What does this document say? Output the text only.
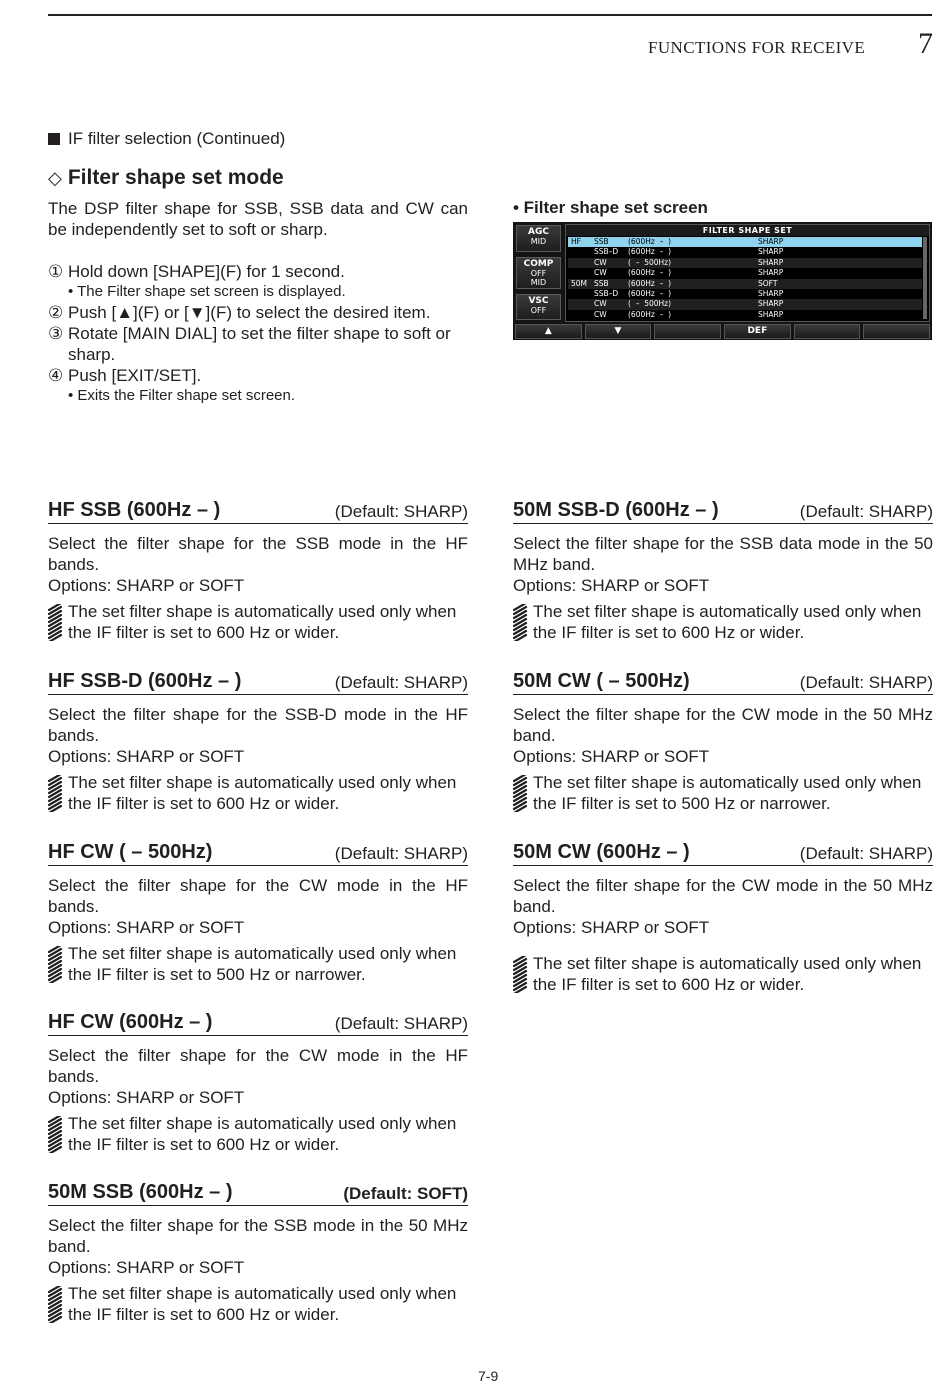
FUNCTIONS FOR RECEIVE 7
IF filter selection (Continued)
◇ Filter shape set mode
The DSP filter shape for SSB, SSB data and CW can be independently set to soft or sharp.
① Hold down [SHAPE](F) for 1 second.
• The Filter shape set screen is displayed.
② Push [▲](F) or [▼](F) to select the desired item.
③ Rotate [MAIN DIAL] to set the filter shape to soft or sharp.
④ Push [EXIT/SET].
• Exits the Filter shape set screen.
• Filter shape set screen
AGC
MID
COMP
OFF
MID
VSC
OFF
FILTER SHAPE SET
HF SSB	(600Hz  –  )	SHARP
SSB–D (600Hz  –  )	SHARP
CW	(  –  500Hz)	SHARP
CW	(600Hz  –  )	SHARP
50M SSB	(600Hz  –  )	SOFT
SSB–D (600Hz  –  )	SHARP
CW	(  –  500Hz)	SHARP
CW	(600Hz  –  )	SHARP
▲	▼	DEF
HF SSB (600Hz – )	(Default: SHARP)
Select the filter shape for the SSB mode in the HF bands.
Options: SHARP or SOFT
The set filter shape is automatically used only when the IF filter is set to 600 Hz or wider.
HF SSB-D (600Hz – )	(Default: SHARP)
Select the filter shape for the SSB-D mode in the HF bands.
Options: SHARP or SOFT
The set filter shape is automatically used only when the IF filter is set to 600 Hz or wider.
HF CW ( – 500Hz)	(Default: SHARP)
Select the filter shape for the CW mode in the HF bands.
Options: SHARP or SOFT
The set filter shape is automatically used only when the IF filter is set to 500 Hz or narrower.
HF CW (600Hz – )	(Default: SHARP)
Select the filter shape for the CW mode in the HF bands.
Options: SHARP or SOFT
The set filter shape is automatically used only when the IF filter is set to 600 Hz or wider.
50M SSB (600Hz – )	(Default: SOFT)
Select the filter shape for the SSB mode in the 50 MHz band.
Options: SHARP or SOFT
The set filter shape is automatically used only when the IF filter is set to 600 Hz or wider.
50M SSB-D (600Hz – )	(Default: SHARP)
Select the filter shape for the SSB data mode in the 50 MHz band.
Options: SHARP or SOFT
The set filter shape is automatically used only when the IF filter is set to 600 Hz or wider.
50M CW ( – 500Hz)	(Default: SHARP)
Select the filter shape for the CW mode in the 50 MHz band.
Options: SHARP or SOFT
The set filter shape is automatically used only when the IF filter is set to 500 Hz or narrower.
50M CW (600Hz – )	(Default: SHARP)
Select the filter shape for the CW mode in the 50 MHz band.
Options: SHARP or SOFT
The set filter shape is automatically used only when the IF filter is set to 600 Hz or wider.
7-9
